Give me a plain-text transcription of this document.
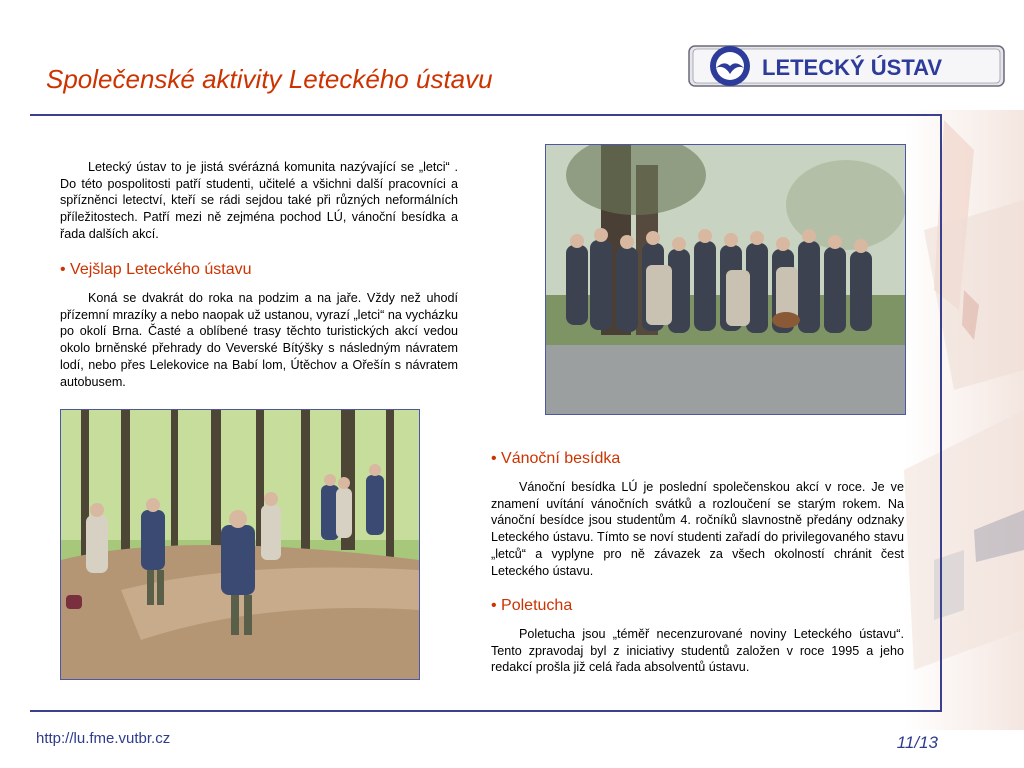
Společenské aktivity Leteckého ústavu	LETECKÝ ÚSTAV
Letecký ústav to je jistá svérázná komunita nazývající se „letci“ . Do této pospolitosti patří studenti, učitelé a všichni další pracovníci a spřízněnci letectví, kteří se rádi sejdou také při různých neformálních příležitostech. Patří mezi ně zejména pochod LÚ, vánoční besídka a řada dalších akcí.
• Vejšlap Leteckého ústavu
Koná se dvakrát do roka na podzim a na jaře. Vždy než uhodí přízemní mrazíky a nebo naopak už ustanou, vyrazí „letci“ na vycházku po okolí Brna. Časté a oblíbené trasy těchto turistických akcí vedou okolo brněnské přehrady do Veverské Bítýšky s následným návratem lodí, nebo přes Lelekovice na Babí lom, Útěchov a Ořešín s návratem autobusem.
• Vánoční besídka
Vánoční besídka LÚ je poslední společenskou akcí v roce. Je ve znamení uvítání vánočních svátků a rozloučení se starým rokem. Na vánoční besídce jsou studentům 4. ročníků slavnostně předány odznaky Leteckého ústavu. Tímto se noví studenti zařadí do privilegovaného stavu „letců“ a vyplyne pro ně závazek za všech okolností chránit čest Leteckého ústavu.
• Poletucha
Poletucha jsou „téměř necenzurované noviny Leteckého ústavu“. Tento zpravodaj byl z iniciativy studentů založen v roce 1995 a jeho redakcí prošla již celá řada absolventů ústavu.
http://lu.fme.vutbr.cz	11/13
